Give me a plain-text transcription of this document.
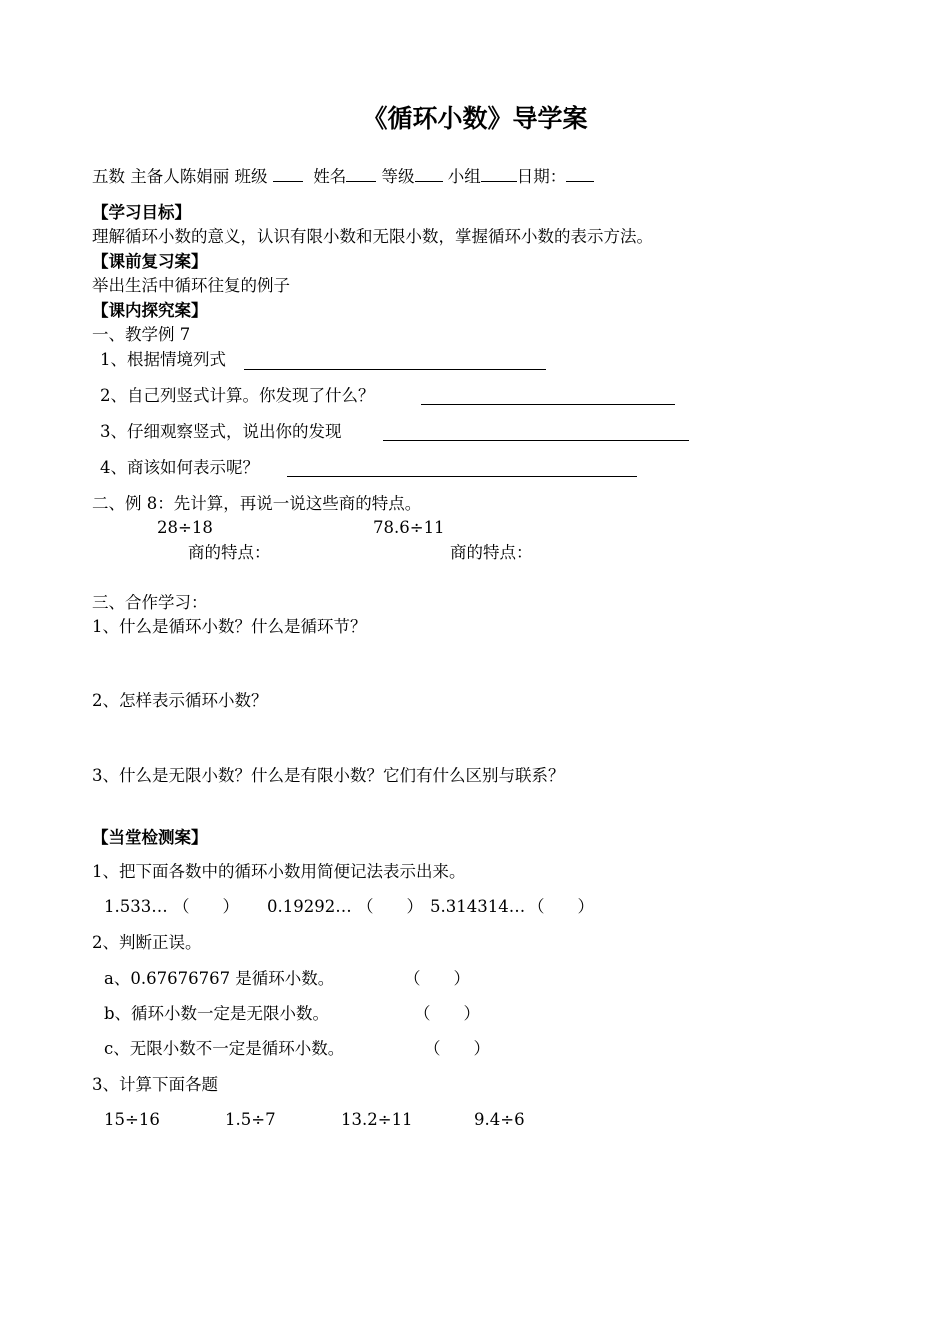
《循环小数》导学案
五数 主备人陈娟丽 班级	姓名 等级 小组 日期：
【学习目标】
理解循环小数的意义，认识有限小数和无限小数，掌握循环小数的表示方法。
【课前复习案】
举出生活中循环往复的例子
【课内探究案】
一、教学例 7
1、根据情境列式
2、自己列竖式计算。你发现了什么？
3、仔细观察竖式，说出你的发现
4、商该如何表示呢？
二、例 8：先计算，再说一说这些商的特点。
28÷18	78.6÷11
商的特点：	商的特点：
三、合作学习：
1、什么是循环小数？什么是循环节？
2、怎样表示循环小数？
3、什么是无限小数？什么是有限小数？它们有什么区别与联系？
【当堂检测案】
1、把下面各数中的循环小数用简便记法表示出来。
1.533… （　　） 0.19292… （　　） 5.314314… （　　）
2、判断正误。
a、0.67676767 是循环小数。	（　　）
b、循环小数一定是无限小数。	（　　）
c、无限小数不一定是循环小数。	（　　）
3、计算下面各题
15÷16	1.5÷7	13.2÷11	9.4÷6
